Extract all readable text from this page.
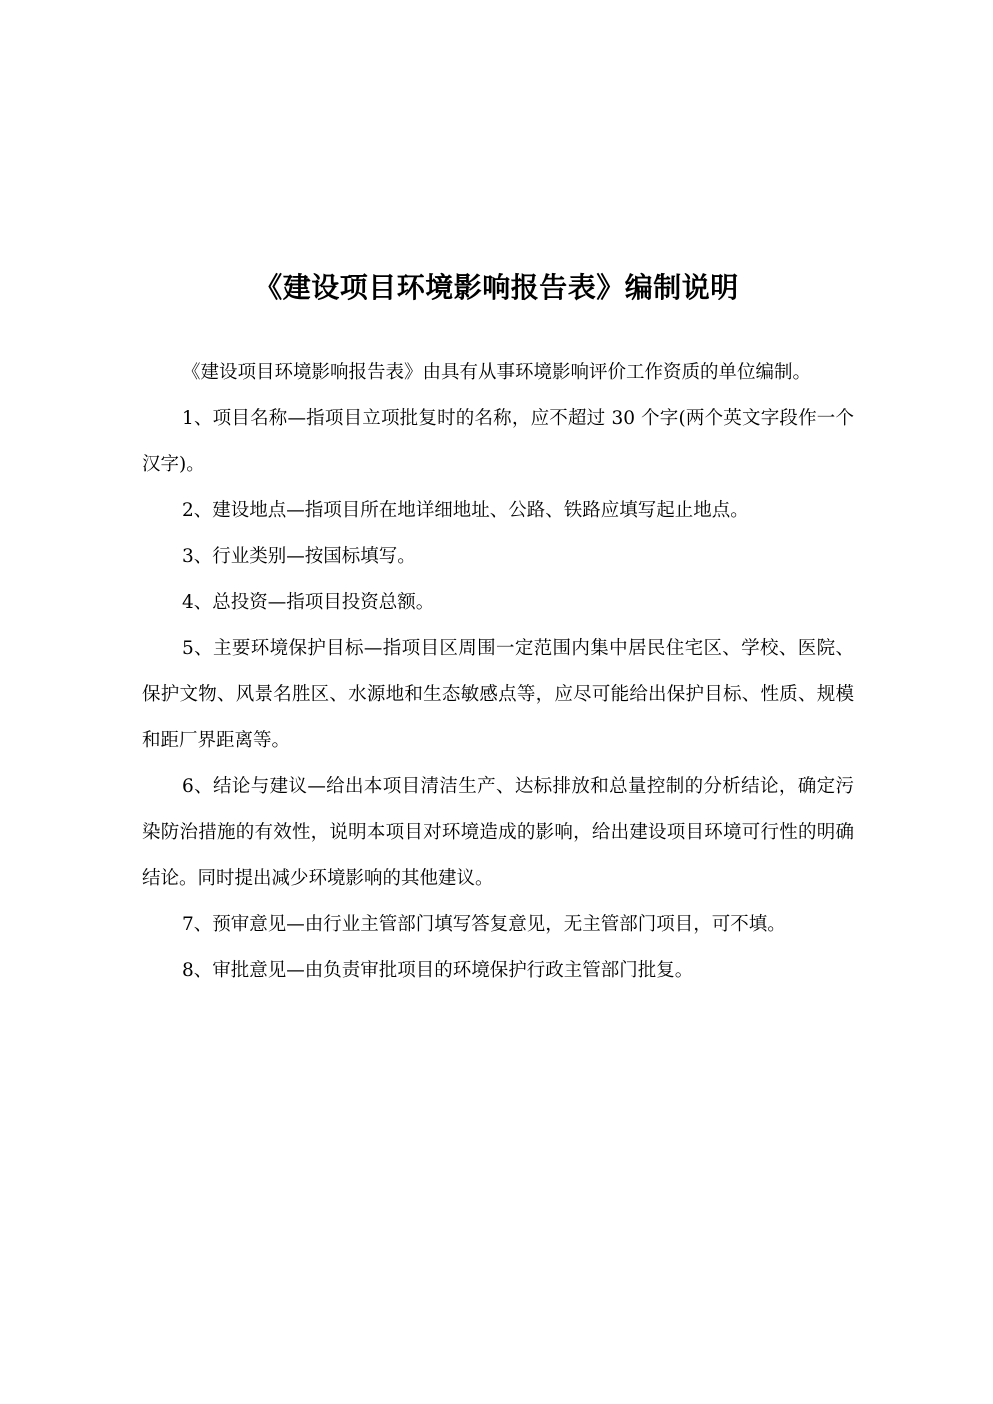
《建设项目环境影响报告表》编制说明

《建设项目环境影响报告表》由具有从事环境影响评价工作资质的单位编制。

1、项目名称—指项目立项批复时的名称，应不超过 30 个字(两个英文字段作一个汉字)。

2、建设地点—指项目所在地详细地址、公路、铁路应填写起止地点。

3、行业类别—按国标填写。

4、总投资—指项目投资总额。

5、主要环境保护目标—指项目区周围一定范围内集中居民住宅区、学校、医院、保护文物、风景名胜区、水源地和生态敏感点等，应尽可能给出保护目标、性质、规模和距厂界距离等。

6、结论与建议—给出本项目清洁生产、达标排放和总量控制的分析结论，确定污染防治措施的有效性，说明本项目对环境造成的影响，给出建设项目环境可行性的明确结论。同时提出减少环境影响的其他建议。

7、预审意见—由行业主管部门填写答复意见，无主管部门项目，可不填。

8、审批意见—由负责审批项目的环境保护行政主管部门批复。
